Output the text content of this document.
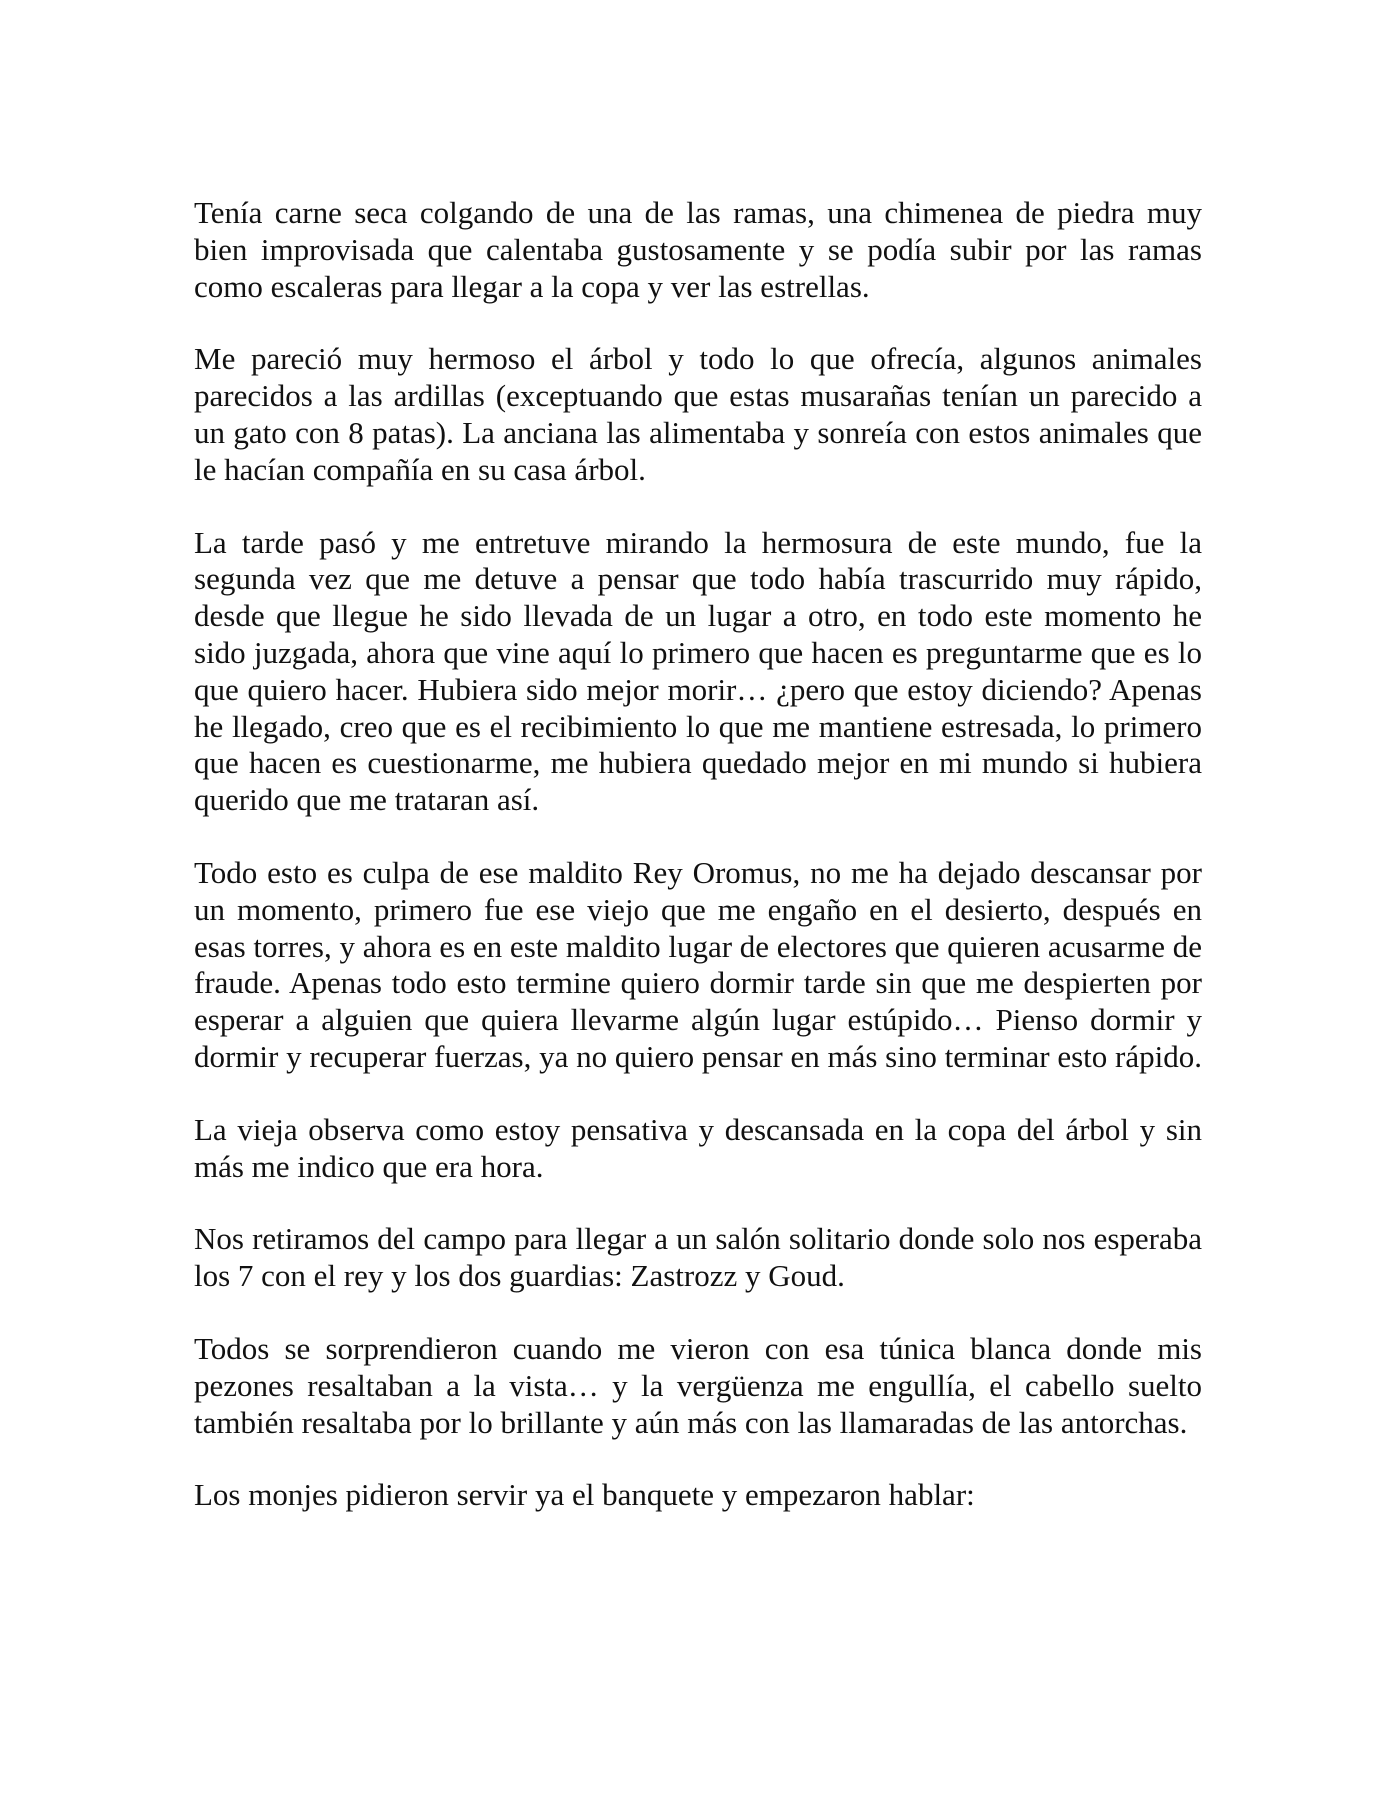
Tenía carne seca colgando de una de las ramas, una chimenea de piedra muy bien improvisada que calentaba gustosamente y se podía subir por las ramas como escaleras para llegar a la copa y ver las estrellas.

Me pareció muy hermoso el árbol y todo lo que ofrecía, algunos animales parecidos a las ardillas (exceptuando que estas musarañas tenían un parecido a un gato con 8 patas). La anciana las alimentaba y sonreía con estos animales que le hacían compañía en su casa árbol.

La tarde pasó y me entretuve mirando la hermosura de este mundo, fue la segunda vez que me detuve a pensar que todo había trascurrido muy rápido, desde que llegue he sido llevada de un lugar a otro, en todo este momento he sido juzgada, ahora que vine aquí lo primero que hacen es preguntarme que es lo que quiero hacer. Hubiera sido mejor morir… ¿pero que estoy diciendo? Apenas he llegado, creo que es el recibimiento lo que me mantiene estresada, lo primero que hacen es cuestionarme, me hubiera quedado mejor en mi mundo si hubiera querido que me trataran así.

Todo esto es culpa de ese maldito Rey Oromus, no me ha dejado descansar por un momento, primero fue ese viejo que me engaño en el desierto, después en esas torres, y ahora es en este maldito lugar de electores que quieren acusarme de fraude. Apenas todo esto termine quiero dormir tarde sin que me despierten por esperar a alguien que quiera llevarme algún lugar estúpido… Pienso dormir y dormir y recuperar fuerzas, ya no quiero pensar en más sino terminar esto rápido.

La vieja observa como estoy pensativa y descansada en la copa del árbol y sin más me indico que era hora.

Nos retiramos del campo para llegar a un salón solitario donde solo nos esperaba los 7 con el rey y los dos guardias: Zastrozz y Goud.

Todos se sorprendieron cuando me vieron con esa túnica blanca donde mis pezones resaltaban a la vista… y la vergüenza me engullía, el cabello suelto también resaltaba por lo brillante y aún más con las llamaradas de las antorchas.

Los monjes pidieron servir ya el banquete y empezaron hablar:
